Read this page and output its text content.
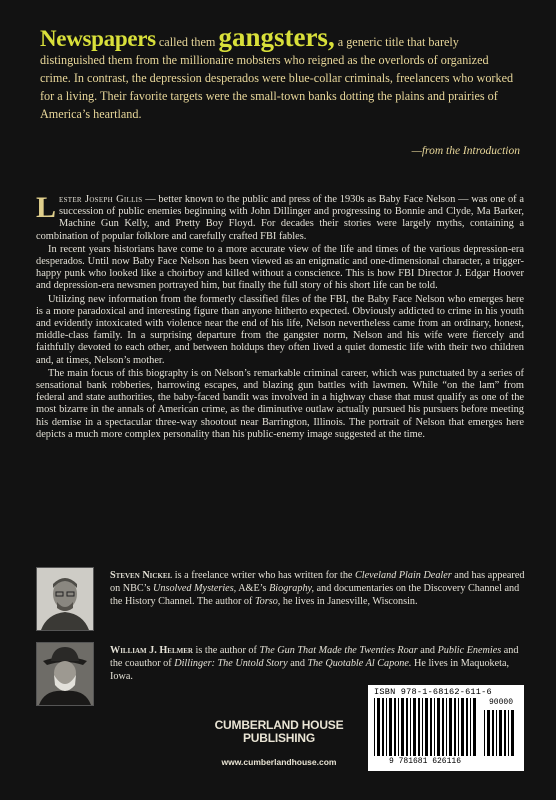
Newspapers called them gangsters, a generic title that barely distinguished them from the millionaire mobsters who reigned as the overlords of organized crime. In contrast, the depression desperados were blue-collar criminals, freelancers who worked for a living. Their favorite targets were the small-town banks dotting the plains and prairies of America’s heartland.
—from the Introduction

Lester Joseph Gillis — better known to the public and press of the 1930s as Baby Face Nelson — was one of a succession of public enemies beginning with John Dillinger and progressing to Bonnie and Clyde, Ma Barker, Machine Gun Kelly, and Pretty Boy Floyd. For decades their stories were largely myths, containing a combination of popular folklore and carefully crafted FBI fables.

In recent years historians have come to a more accurate view of the life and times of the various depression-era desperados. Until now Baby Face Nelson has been viewed as an enigmatic and one-dimensional character, a trigger-happy punk who looked like a choirboy and killed without a conscience. This is how FBI Director J. Edgar Hoover and depression-era newsmen portrayed him, but finally the full story of his short life can be told.

Utilizing new information from the formerly classified files of the FBI, the Baby Face Nelson who emerges here is a more paradoxical and interesting figure than anyone hitherto expected. Obviously addicted to crime in his youth and evidently intoxicated with violence near the end of his life, Nelson nevertheless came from an ordinary, honest, middle-class family. In a surprising departure from the gangster norm, Nelson and his wife were fiercely and faithfully devoted to each other, and between holdups they often lived a quiet domestic life with their two children and, at times, Nelson’s mother.

The main focus of this biography is on Nelson’s remarkable criminal career, which was punctuated by a series of sensational bank robberies, harrowing escapes, and blazing gun battles with lawmen. While “on the lam” from federal and state authorities, the baby-faced bandit was involved in a highway chase that must qualify as one of the most bizarre in the annals of American crime, as the diminutive outlaw actually pursued his pursuers before meeting his demise in a spectacular three-way shootout near Barrington, Illinois. The portrait of Nelson that emerges here depicts a much more complex personality than his public-enemy image suggested at the time.

Steven Nickel is a freelance writer who has written for the Cleveland Plain Dealer and has appeared on NBC’s Unsolved Mysteries, A&E’s Biography, and documentaries on the Discovery Channel and the History Channel. The author of Torso, he lives in Janesville, Wisconsin.
William J. Helmer is the author of The Gun That Made the Twenties Roar and Public Enemies and the coauthor of Dillinger: The Untold Story and The Quotable Al Capone. He lives in Maquoketa, Iowa.
CUMBERLAND HOUSE
PUBLISHING
www.cumberlandhouse.com
ISBN 978-1-68162-611-6
9 781681 626116
90000
